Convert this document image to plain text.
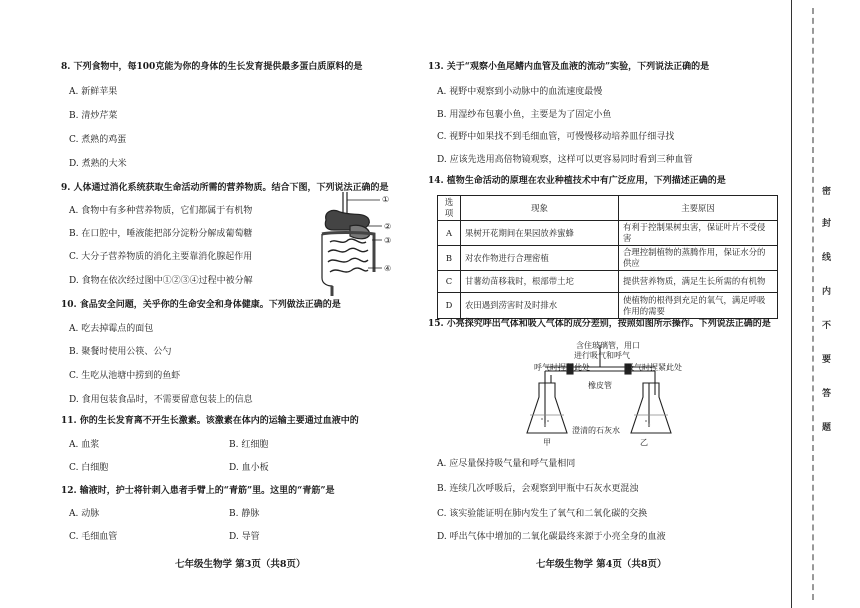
8. 下列食物中，每100克能为你的身体的生长发育提供最多蛋白质原料的是
A. 新鲜苹果
B. 清炒芹菜
C. 煮熟的鸡蛋
D. 煮熟的大米
9. 人体通过消化系统获取生命活动所需的营养物质。结合下图，下列说法正确的是
A. 食物中有多种营养物质，它们都属于有机物
B. 在口腔中，唾液能把部分淀粉分解成葡萄糖
C. 大分子营养物质的消化主要靠消化腺起作用
D. 食物在依次经过图中①②③④过程中被分解
①
②
③
④
10. 食品安全问题，关乎你的生命安全和身体健康。下列做法正确的是
A. 吃去掉霉点的面包
B. 聚餐时使用公筷、公勺
C. 生吃从池塘中捞到的鱼虾
D. 食用包装食品时，不需要留意包装上的信息
11. 你的生长发育离不开生长激素。该激素在体内的运输主要通过血液中的
A. 血浆	B. 红细胞
C. 白细胞	D. 血小板
12. 输液时，护士将针刺入患者手臂上的“青筋”里。这里的“青筋”是
A. 动脉	B. 静脉
C. 毛细血管	D. 导管
七年级生物学 第3页（共8页）
13. 关于“观察小鱼尾鳍内血管及血液的流动”实验，下列说法正确的是
A. 视野中观察到小动脉中的血流速度最慢
B. 用湿纱布包裹小鱼，主要是为了固定小鱼
C. 视野中如果找不到毛细血管，可慢慢移动培养皿仔细寻找
D. 应该先选用高倍物镜观察，这样可以更容易同时看到三种血管
14. 植物生命活动的原理在农业种植技术中有广泛应用，下列描述正确的是
选项	现象	主要原因
A	果树开花期间在果园放养蜜蜂	有利于控制果树虫害，保证叶片不受侵害
B	对农作物进行合理密植	合理控制植物的蒸腾作用，保证水分的供应
C	甘薯幼苗移栽时，根部带土坨	提供营养物质，满足生长所需的有机物
D	农田遇到涝害时及时排水	使植物的根得到充足的氧气，满足呼吸作用的需要
15. 小亮探究呼出气体和吸入气体的成分差别，按照如图所示操作。下列说法正确的是
含住玻璃管，用口
进行吸气和呼气
呼气时捏紧此处	吸气时捏紧此处
橡皮管
澄清的石灰水
甲	乙
A. 应尽量保持吸气量和呼气量相同
B. 连续几次呼吸后，会观察到甲瓶中石灰水更混浊
C. 该实验能证明在肺内发生了氧气和二氧化碳的交换
D. 呼出气体中增加的二氧化碳最终来源于小亮全身的血液
七年级生物学 第4页（共8页）
密
封
线
内
不
要
答
题
